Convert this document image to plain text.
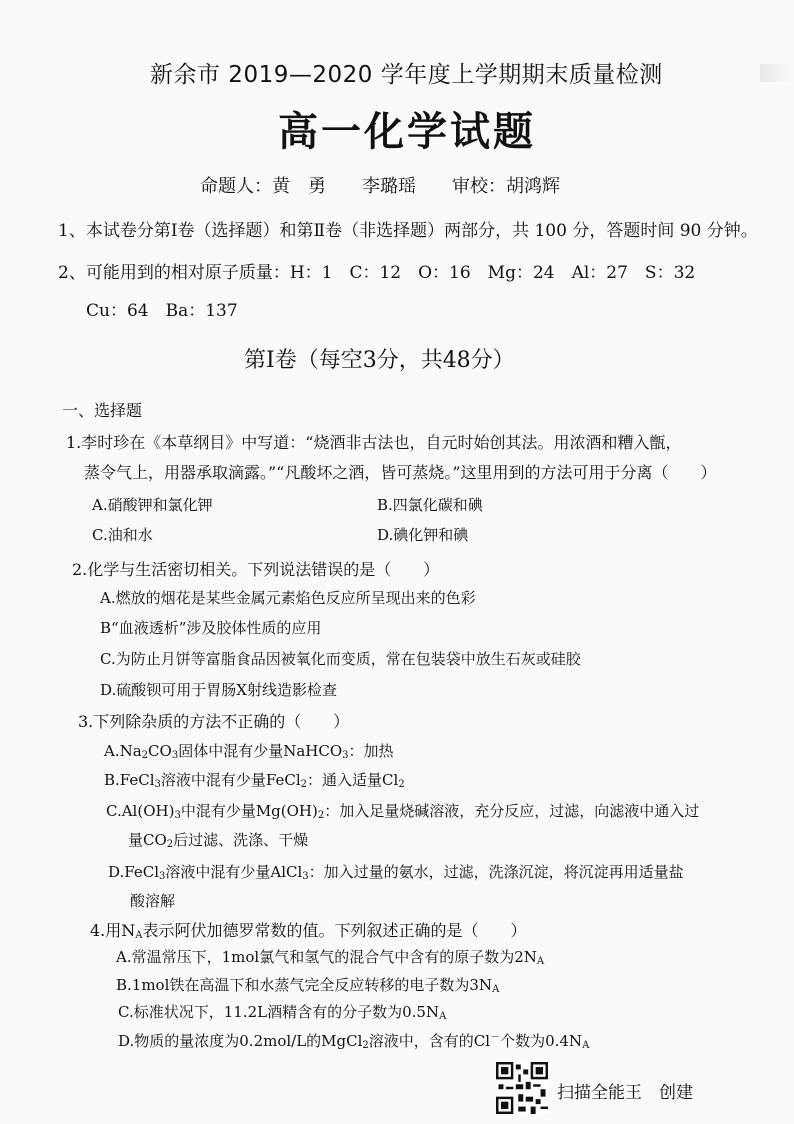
新余市 2019—2020 学年度上学期期末质量检测
高一化学试题
命题人：黄　勇　　李璐瑶　　审校：胡鸿辉
1、本试卷分第Ⅰ卷（选择题）和第Ⅱ卷（非选择题）两部分，共 100 分，答题时间 90 分钟。
2、可能用到的相对原子质量：H：1　C：12　O：16　Mg：24　Al：27　S：32
Cu：64　Ba：137
第Ⅰ卷（每空3分，共48分）
一、选择题
1.李时珍在《本草纲目》中写道：“烧酒非古法也，自元时始创其法。用浓酒和糟入甑，
蒸令气上，用器承取滴露。”“凡酸坏之酒，皆可蒸烧。”这里用到的方法可用于分离（　　）
A.硝酸钾和氯化钾	B.四氯化碳和碘
C.油和水	D.碘化钾和碘
2.化学与生活密切相关。下列说法错误的是（　　）
A.燃放的烟花是某些金属元素焰色反应所呈现出来的色彩
B“血液透析”涉及胶体性质的应用
C.为防止月饼等富脂食品因被氧化而变质，常在包装袋中放生石灰或硅胶
D.硫酸钡可用于胃肠X射线造影检查
3.下列除杂质的方法不正确的（　　）
$A.Na_2CO_3$固体中混有少量NaHCO$_3$：加热
B.FeCl$_3$溶液中混有少量FeCl$_2$：通入适量$Cl_2$
$C.Al(OH)_3$中混有少量$Mg(OH)_2$：加入足量烧碱溶液，充分反应，过滤，向滤液中通入过
量$CO_2$后过滤、洗涤、干燥
D.FeCl$_3$溶液中混有少量AlCl$_3$：加入过量的氨水，过滤，洗涤沉淀，将沉淀再用适量盐
酸溶解
4.用$N_A$表示阿伏加德罗常数的值。下列叙述正确的是（　　）
A.常温常压下，1mol氯气和氢气的混合气中含有的原子数为$2N_A$
B.1mol铁在高温下和水蒸气完全反应转移的电子数为$3N_A$
C.标准状况下，11.2L酒精含有的分子数为$0.5N_A$
D.物质的量浓度为0.2mol/L的MgCl$_2$溶液中，含有的Cl－个数为$0.4N_A$
扫描全能王　创建
